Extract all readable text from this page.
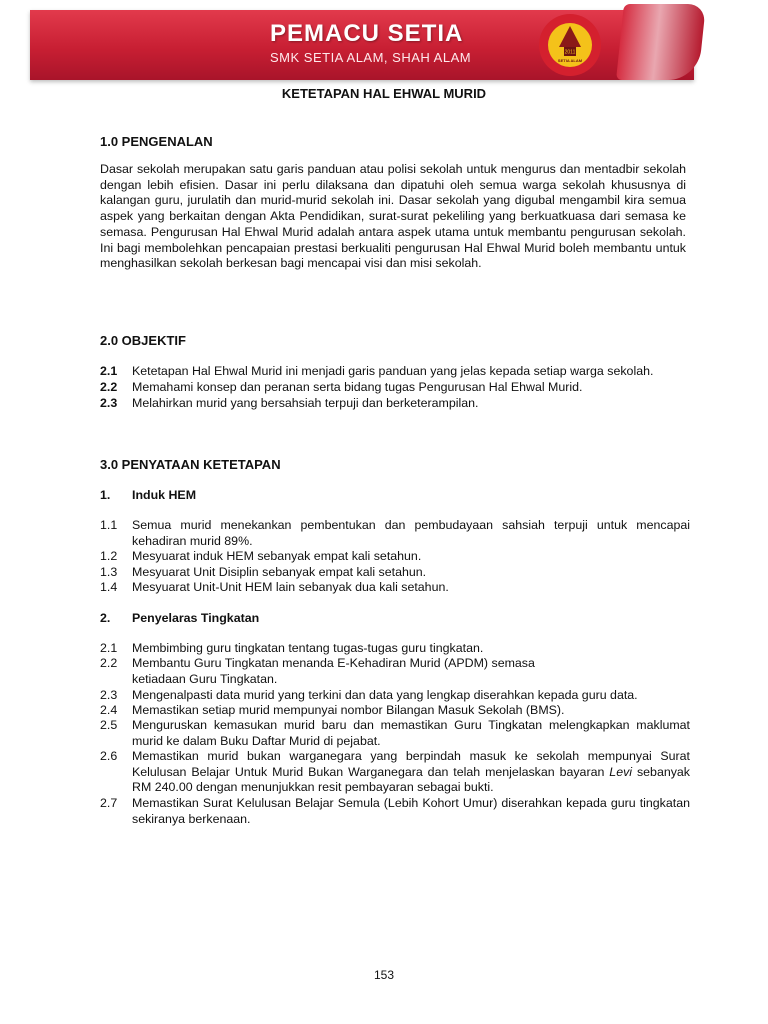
PEMACU SETIA
SMK SETIA ALAM, SHAH ALAM	2011
SETIA ALAM
KETETAPAN HAL EHWAL MURID
1.0 PENGENALAN
Dasar sekolah merupakan satu garis panduan atau polisi sekolah untuk mengurus dan mentadbir sekolah dengan lebih efisien. Dasar ini perlu dilaksana dan dipatuhi oleh semua warga sekolah khususnya di kalangan guru, jurulatih dan murid-murid sekolah ini. Dasar sekolah yang digubal mengambil kira semua aspek yang berkaitan dengan Akta Pendidikan, surat-surat pekeliling yang berkuatkuasa dari semasa ke semasa. Pengurusan Hal Ehwal Murid adalah antara aspek utama untuk membantu pengurusan sekolah. Ini bagi membolehkan pencapaian prestasi berkualiti pengurusan Hal Ehwal Murid boleh membantu untuk menghasilkan sekolah berkesan bagi mencapai visi dan misi sekolah.
2.0 OBJEKTIF
2.1 Ketetapan Hal Ehwal Murid ini menjadi garis panduan yang jelas kepada setiap warga sekolah.
2.2 Memahami konsep dan peranan serta bidang tugas Pengurusan Hal Ehwal Murid.
2.3 Melahirkan murid yang bersahsiah terpuji dan berketerampilan.
3.0 PENYATAAN KETETAPAN
1. Induk HEM
1.1 Semua murid menekankan pembentukan dan pembudayaan sahsiah terpuji untuk mencapai kehadiran murid 89%.
1.2 Mesyuarat induk HEM sebanyak empat kali setahun.
1.3 Mesyuarat Unit Disiplin sebanyak empat kali setahun.
1.4 Mesyuarat Unit-Unit HEM lain sebanyak dua kali setahun.
2. Penyelaras Tingkatan
2.1 Membimbing guru tingkatan tentang tugas-tugas guru tingkatan.
2.2 Membantu Guru Tingkatan menanda E-Kehadiran Murid (APDM) semasa ketiadaan Guru Tingkatan.
2.3 Mengenalpasti data murid yang terkini dan data yang lengkap diserahkan kepada guru data.
2.4 Memastikan setiap murid mempunyai nombor Bilangan Masuk Sekolah (BMS).
2.5 Menguruskan kemasukan murid baru dan memastikan Guru Tingkatan melengkapkan maklumat murid ke dalam Buku Daftar Murid di pejabat.
2.6 Memastikan murid bukan warganegara yang berpindah masuk ke sekolah mempunyai Surat Kelulusan Belajar Untuk Murid Bukan Warganegara dan telah menjelaskan bayaran Levi sebanyak RM 240.00 dengan menunjukkan resit pembayaran sebagai bukti.
2.7 Memastikan Surat Kelulusan Belajar Semula (Lebih Kohort Umur) diserahkan kepada guru tingkatan sekiranya berkenaan.
153
